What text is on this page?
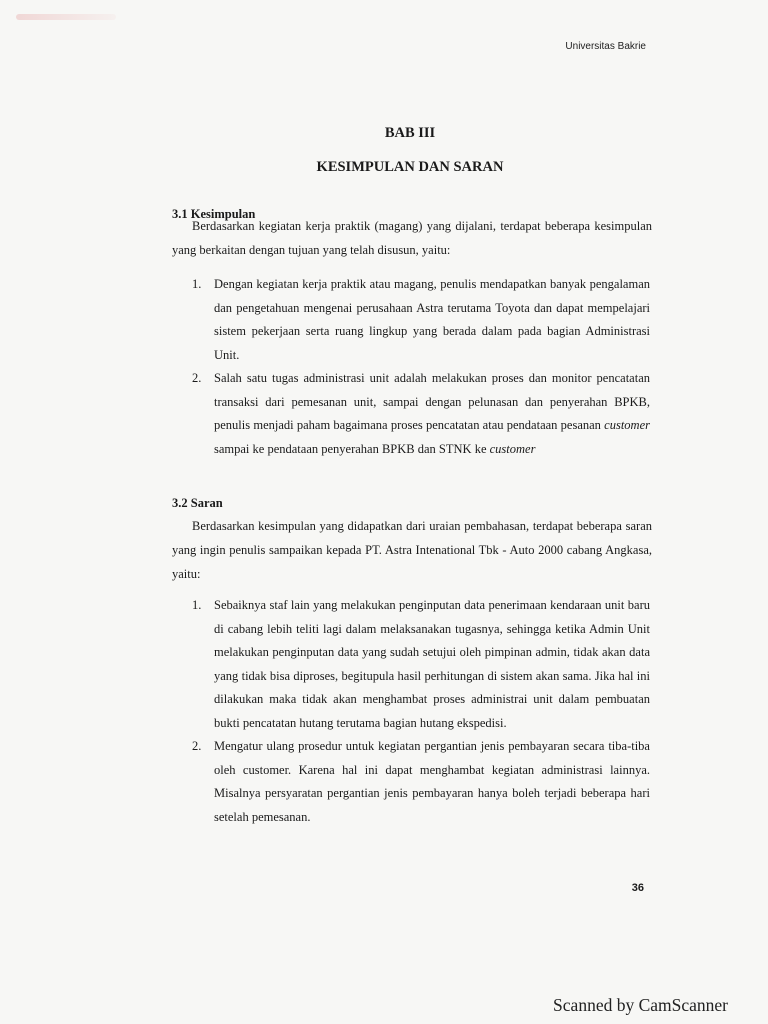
Universitas Bakrie
BAB III
KESIMPULAN DAN SARAN
3.1 Kesimpulan
Berdasarkan kegiatan kerja praktik (magang) yang dijalani, terdapat beberapa kesimpulan yang berkaitan dengan tujuan yang telah disusun, yaitu:
1. Dengan kegiatan kerja praktik atau magang, penulis mendapatkan banyak pengalaman dan pengetahuan mengenai perusahaan Astra terutama Toyota dan dapat mempelajari sistem pekerjaan serta ruang lingkup yang berada dalam pada bagian Administrasi Unit.
2. Salah satu tugas administrasi unit adalah melakukan proses dan monitor pencatatan transaksi dari pemesanan unit, sampai dengan pelunasan dan penyerahan BPKB, penulis menjadi paham bagaimana proses pencatatan atau pendataan pesanan customer sampai ke pendataan penyerahan BPKB dan STNK ke customer
3.2 Saran
Berdasarkan kesimpulan yang didapatkan dari uraian pembahasan, terdapat beberapa saran yang ingin penulis sampaikan kepada PT. Astra Intenational Tbk - Auto 2000 cabang Angkasa, yaitu:
1. Sebaiknya staf lain yang melakukan penginputan data penerimaan kendaraan unit baru di cabang lebih teliti lagi dalam melaksanakan tugasnya, sehingga ketika Admin Unit melakukan penginputan data yang sudah setujui oleh pimpinan admin, tidak akan data yang tidak bisa diproses, begitupula hasil perhitungan di sistem akan sama. Jika hal ini dilakukan maka tidak akan menghambat proses administrai unit dalam pembuatan bukti pencatatan hutang terutama bagian hutang ekspedisi.
2. Mengatur ulang prosedur untuk kegiatan pergantian jenis pembayaran secara tiba-tiba oleh customer. Karena hal ini dapat menghambat kegiatan administrasi lainnya. Misalnya persyaratan pergantian jenis pembayaran hanya boleh terjadi beberapa hari setelah pemesanan.
36
Scanned by CamScanner
